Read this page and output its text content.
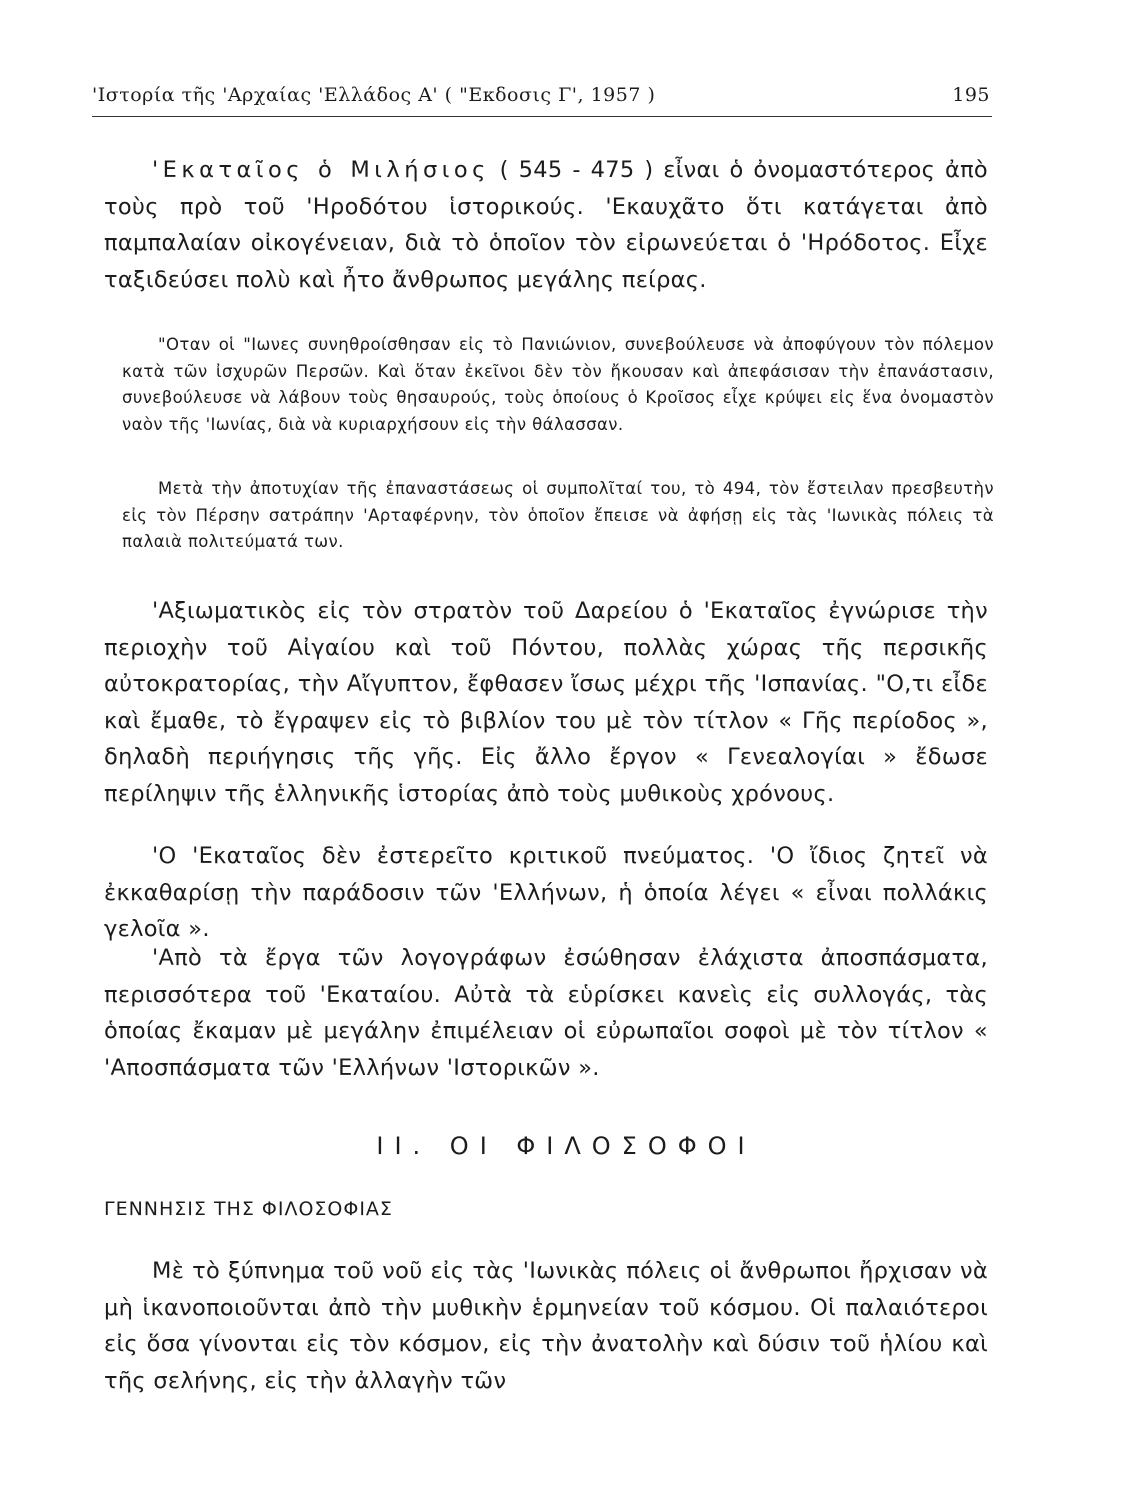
'Ιστορία τῆς 'Αρχαίας 'Ελλάδος Α' ( "Εκδοσις Γ', 1957 )	195

'Εκαταῖος ὁ Μιλήσιος ( 545 - 475 ) εἶναι ὁ ὀνομαστότερος ἀπὸ τοὺς πρὸ τοῦ 'Ηροδότου ἱστορικούς. 'Εκαυχᾶτο ὅτι κατάγεται ἀπὸ παμπαλαίαν οἰκογένειαν, διὰ τὸ ὁποῖον τὸν εἰρωνεύεται ὁ 'Ηρόδοτος. Εἶχε ταξιδεύσει πολὺ καὶ ἦτο ἄνθρωπος μεγάλης πείρας.

"Οταν οἱ "Ιωνες συνηθροίσθησαν εἰς τὸ Πανιώνιον, συνεβούλευσε νὰ ἀποφύγουν τὸν πόλεμον κατὰ τῶν ἰσχυρῶν Περσῶν. Καὶ ὅταν ἐκεῖνοι δὲν τὸν ἤκουσαν καὶ ἀπεφάσισαν τὴν ἐπανάστασιν, συνεβούλευσε νὰ λάβουν τοὺς θησαυρούς, τοὺς ὁποίους ὁ Κροῖσος εἶχε κρύψει εἰς ἕνα ὀνομαστὸν ναὸν τῆς 'Ιωνίας, διὰ νὰ κυριαρχήσουν εἰς τὴν θάλασσαν.

Μετὰ τὴν ἀποτυχίαν τῆς ἐπαναστάσεως οἱ συμπολῖταί του, τὸ 494, τὸν ἔστειλαν πρεσβευτὴν εἰς τὸν Πέρσην σατράπην 'Αρταφέρνην, τὸν ὁποῖον ἔπεισε νὰ ἀφήσῃ εἰς τὰς 'Ιωνικὰς πόλεις τὰ παλαιὰ πολιτεύματά των.

'Αξιωματικὸς εἰς τὸν στρατὸν τοῦ Δαρείου ὁ 'Εκαταῖος ἐγνώρισε τὴν περιοχὴν τοῦ Αἰγαίου καὶ τοῦ Πόντου, πολλὰς χώρας τῆς περσικῆς αὐτοκρατορίας, τὴν Αἴγυπτον, ἔφθασεν ἴσως μέχρι τῆς 'Ισπανίας. "Ο,τι εἶδε καὶ ἔμαθε, τὸ ἔγραψεν εἰς τὸ βιβλίον του μὲ τὸν τίτλον « Γῆς περίοδος », δηλαδὴ περιήγησις τῆς γῆς. Εἰς ἄλλο ἔργον « Γενεαλογίαι » ἔδωσε περίληψιν τῆς ἑλληνικῆς ἱστορίας ἀπὸ τοὺς μυθικοὺς χρόνους.

'Ο 'Εκαταῖος δὲν ἐστερεῖτο κριτικοῦ πνεύματος. 'Ο ἴδιος ζητεῖ νὰ ἐκκαθαρίσῃ τὴν παράδοσιν τῶν 'Ελλήνων, ἡ ὁποία λέγει « εἶναι πολλάκις γελοῖα ».

'Απὸ τὰ ἔργα τῶν λογογράφων ἐσώθησαν ἐλάχιστα ἀποσπάσματα, περισσότερα τοῦ 'Εκαταίου. Αὐτὰ τὰ εὑρίσκει κανεὶς εἰς συλλογάς, τὰς ὁποίας ἔκαμαν μὲ μεγάλην ἐπιμέλειαν οἱ εὐρωπαῖοι σοφοὶ μὲ τὸν τίτλον « 'Αποσπάσματα τῶν 'Ελλήνων 'Ιστορικῶν ».

ΙΙ. ΟΙ ΦΙΛΟΣΟΦΟΙ
ΓΕΝΝΗΣΙΣ ΤΗΣ ΦΙΛΟΣΟΦΙΑΣ

Μὲ τὸ ξύπνημα τοῦ νοῦ εἰς τὰς 'Ιωνικὰς πόλεις οἱ ἄνθρωποι ἤρχισαν νὰ μὴ ἱκανοποιοῦνται ἀπὸ τὴν μυθικὴν ἑρμηνείαν τοῦ κόσμου. Οἱ παλαιότεροι εἰς ὅσα γίνονται εἰς τὸν κόσμον, εἰς τὴν ἀνατολὴν καὶ δύσιν τοῦ ἡλίου καὶ τῆς σελήνης, εἰς τὴν ἀλλαγὴν τῶν
